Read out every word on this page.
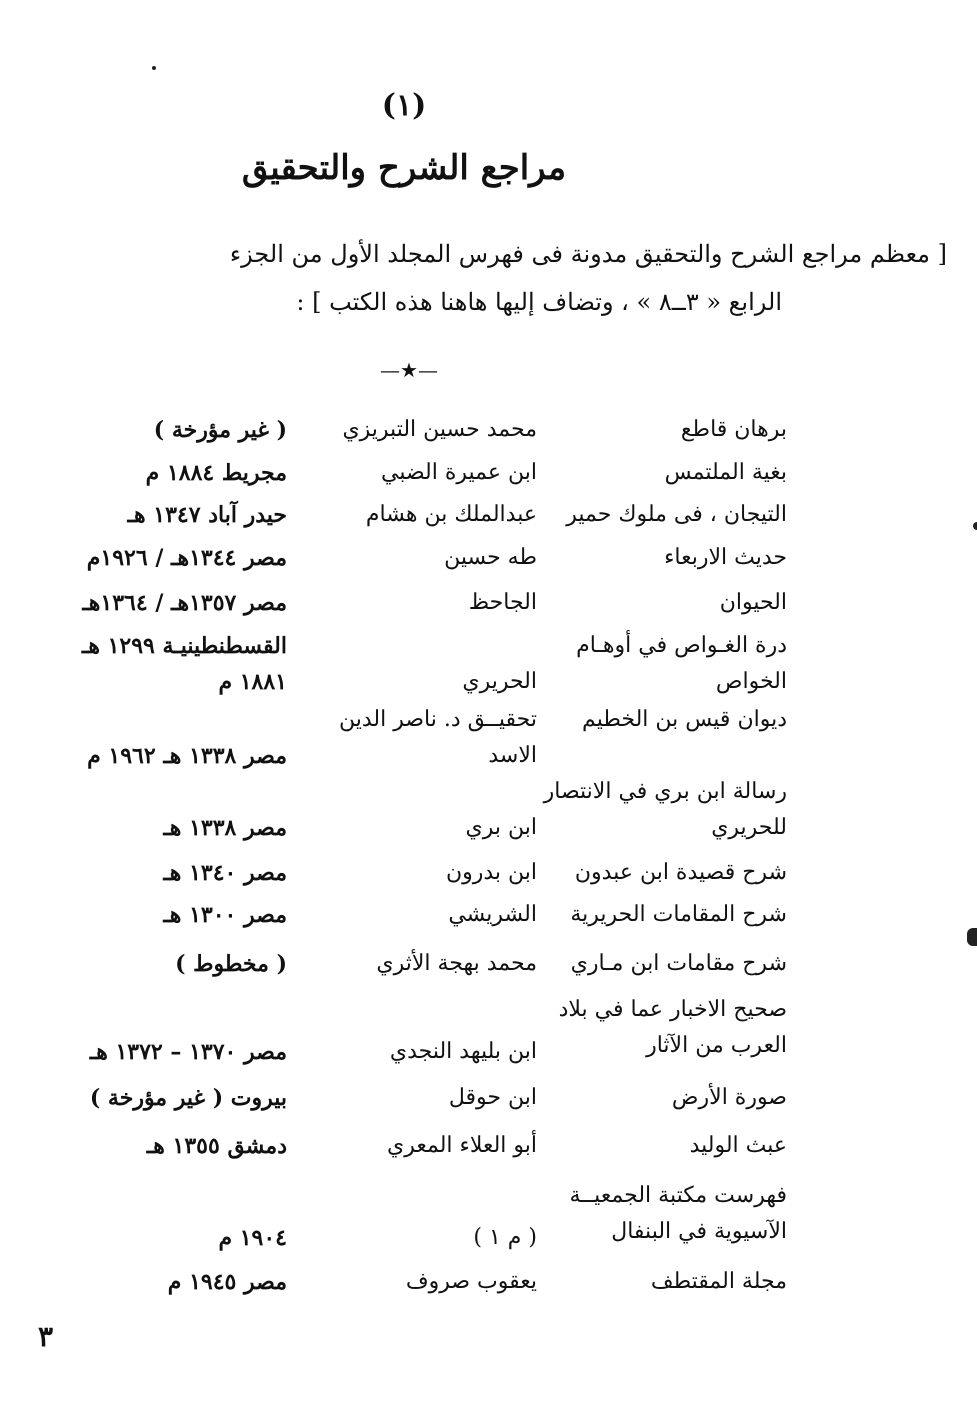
(١)
مراجع الشرح والتحقيق
[ معظم مراجع الشرح والتحقيق مدونة فى فهرس المجلد الأول من الجزء
الرابع « ٣ــ٨ » ، وتضاف إليها هاهنا هذه الكتب ] :
—★—
برهان قاطع
محمد حسين التبريزي
( غير مؤرخة )
بغية الملتمس
ابن عميرة الضبي
مجريط ١٨٨٤ م
التيجان ، فى ملوك حمير
عبدالملك بن هشام
حيدر آباد ١٣٤٧ هـ
حديث الاربعاء
طه حسين
مصر ١٣٤٤هـ / ١٩٢٦م
الحيوان
الجاحظ
مصر ١٣٥٧هـ / ١٣٦٤هـ
درة الغـواص في أوهـام الخواص
الحريري
القسطنطينيـة ١٢٩٩ هـ ١٨٨١ م
ديوان قيس بن الخطيم
تحقيــق د. ناصر الدين الاسد
مصر ١٣٣٨ هـ ١٩٦٢ م
رسالة ابن بري في الانتصار للحريري
ابن بري
مصر ١٣٣٨ هـ
شرح قصيدة ابن عبدون
ابن بدرون
مصر ١٣٤٠ هـ
شرح المقامات الحريرية
الشريشي
مصر ١٣٠٠ هـ
شرح مقامات ابن مـاري
محمد بهجة الأثري
( مخطوط )
صحيح الاخبار عما في بلاد العرب من الآثار
ابن بليهد النجدي
مصر ١٣٧٠ – ١٣٧٢ هـ
صورة الأرض
ابن حوقل
بيروت ( غير مؤرخة )
عبث الوليد
أبو العلاء المعري
دمشق ١٣٥٥ هـ
فهرست مكتبة الجمعيــة الآسيوية في البنفال
( م ١ )
١٩٠٤ م
مجلة المقتطف
يعقوب صروف
مصر ١٩٤٥ م
٣
